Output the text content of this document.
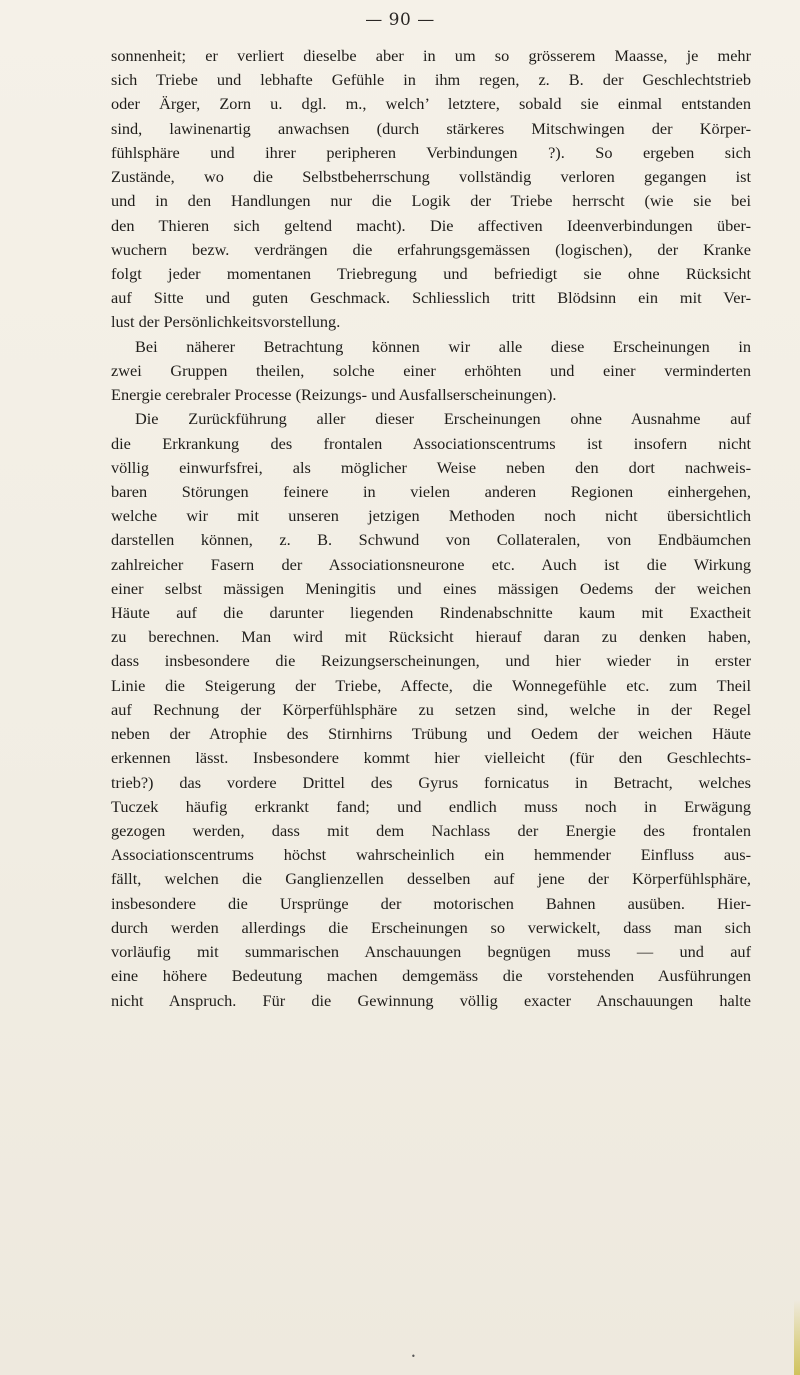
— 90 —
sonnenheit; er verliert dieselbe aber in um so grösserem Maasse, je mehr
sich Triebe und lebhafte Gefühle in ihm regen, z. B. der Geschlechtstrieb
oder Ärger, Zorn u. dgl. m., welch’ letztere, sobald sie einmal entstanden
sind, lawinenartig anwachsen (durch stärkeres Mitschwingen der Körper-
fühlsphäre und ihrer peripheren Verbindungen ?). So ergeben sich
Zustände, wo die Selbstbeherrschung vollständig verloren gegangen ist
und in den Handlungen nur die Logik der Triebe herrscht (wie sie bei
den Thieren sich geltend macht). Die affectiven Ideenverbindungen über-
wuchern bezw. verdrängen die erfahrungsgemässen (logischen), der Kranke
folgt jeder momentanen Triebregung und befriedigt sie ohne Rücksicht
auf Sitte und guten Geschmack. Schliesslich tritt Blödsinn ein mit Ver-
lust der Persönlichkeitsvorstellung.
Bei näherer Betrachtung können wir alle diese Erscheinungen in
zwei Gruppen theilen, solche einer erhöhten und einer verminderten
Energie cerebraler Processe (Reizungs- und Ausfallserscheinungen).
Die Zurückführung aller dieser Erscheinungen ohne Ausnahme auf
die Erkrankung des frontalen Associationscentrums ist insofern nicht
völlig einwurfsfrei, als möglicher Weise neben den dort nachweis-
baren Störungen feinere in vielen anderen Regionen einhergehen,
welche wir mit unseren jetzigen Methoden noch nicht übersichtlich
darstellen können, z. B. Schwund von Collateralen, von Endbäumchen
zahlreicher Fasern der Associationsneurone etc. Auch ist die Wirkung
einer selbst mässigen Meningitis und eines mässigen Oedems der weichen
Häute auf die darunter liegenden Rindenabschnitte kaum mit Exactheit
zu berechnen. Man wird mit Rücksicht hierauf daran zu denken haben,
dass insbesondere die Reizungserscheinungen, und hier wieder in erster
Linie die Steigerung der Triebe, Affecte, die Wonnegefühle etc. zum Theil
auf Rechnung der Körperfühlsphäre zu setzen sind, welche in der Regel
neben der Atrophie des Stirnhirns Trübung und Oedem der weichen Häute
erkennen lässt. Insbesondere kommt hier vielleicht (für den Geschlechts-
trieb?) das vordere Drittel des Gyrus fornicatus in Betracht, welches
Tuczek häufig erkrankt fand; und endlich muss noch in Erwägung
gezogen werden, dass mit dem Nachlass der Energie des frontalen
Associationscentrums höchst wahrscheinlich ein hemmender Einfluss aus-
fällt, welchen die Ganglienzellen desselben auf jene der Körperfühlsphäre,
insbesondere die Ursprünge der motorischen Bahnen ausüben. Hier-
durch werden allerdings die Erscheinungen so verwickelt, dass man sich
vorläufig mit summarischen Anschauungen begnügen muss — und auf
eine höhere Bedeutung machen demgemäss die vorstehenden Ausführungen
nicht Anspruch. Für die Gewinnung völlig exacter Anschauungen halte
•
